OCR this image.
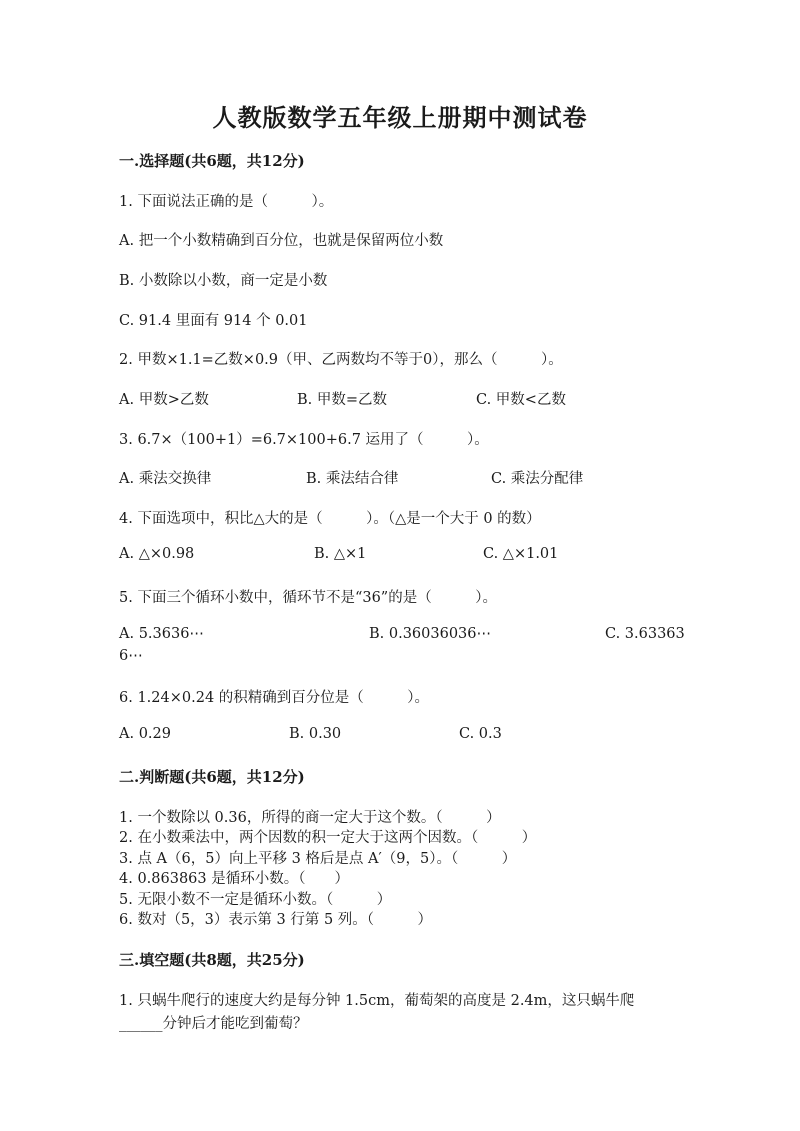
人教版数学五年级上册期中测试卷
一.选择题(共6题，共12分)
1. 下面说法正确的是（　　　）。
A. 把一个小数精确到百分位，也就是保留两位小数
B. 小数除以小数，商一定是小数
C. 91.4 里面有 914 个 0.01
2. 甲数×1.1=乙数×0.9（甲、乙两数均不等于0），那么（　　　）。
A. 甲数>乙数	B. 甲数=乙数	C. 甲数<乙数
3. 6.7×（100+1）=6.7×100+6.7 运用了（　　　）。
A. 乘法交换律	B. 乘法结合律	C. 乘法分配律
4. 下面选项中，积比△大的是（　　　）。（△是一个大于 0 的数）
A. △×0.98	B. △×1	C. △×1.01
5. 下面三个循环小数中，循环节不是“36”的是（　　　）。
A. 5.3636⋯	B. 0.36036036⋯	C. 3.63363
6⋯
6. 1.24×0.24 的积精确到百分位是（　　　）。
A. 0.29	B. 0.30	C. 0.3
二.判断题(共6题，共12分)
1. 一个数除以 0.36，所得的商一定大于这个数。（　　　）
2. 在小数乘法中，两个因数的积一定大于这两个因数。（　　　）
3. 点 A（6，5）向上平移 3 格后是点 A′（9，5）。（　　　）
4. 0.863863 是循环小数。（　　）
5. 无限小数不一定是循环小数。（　　　）
6. 数对（5，3）表示第 3 行第 5 列。（　　　）
三.填空题(共8题，共25分)
1. 只蜗牛爬行的速度大约是每分钟 1.5cm，葡萄架的高度是 2.4m，这只蜗牛爬
______分钟后才能吃到葡萄？
